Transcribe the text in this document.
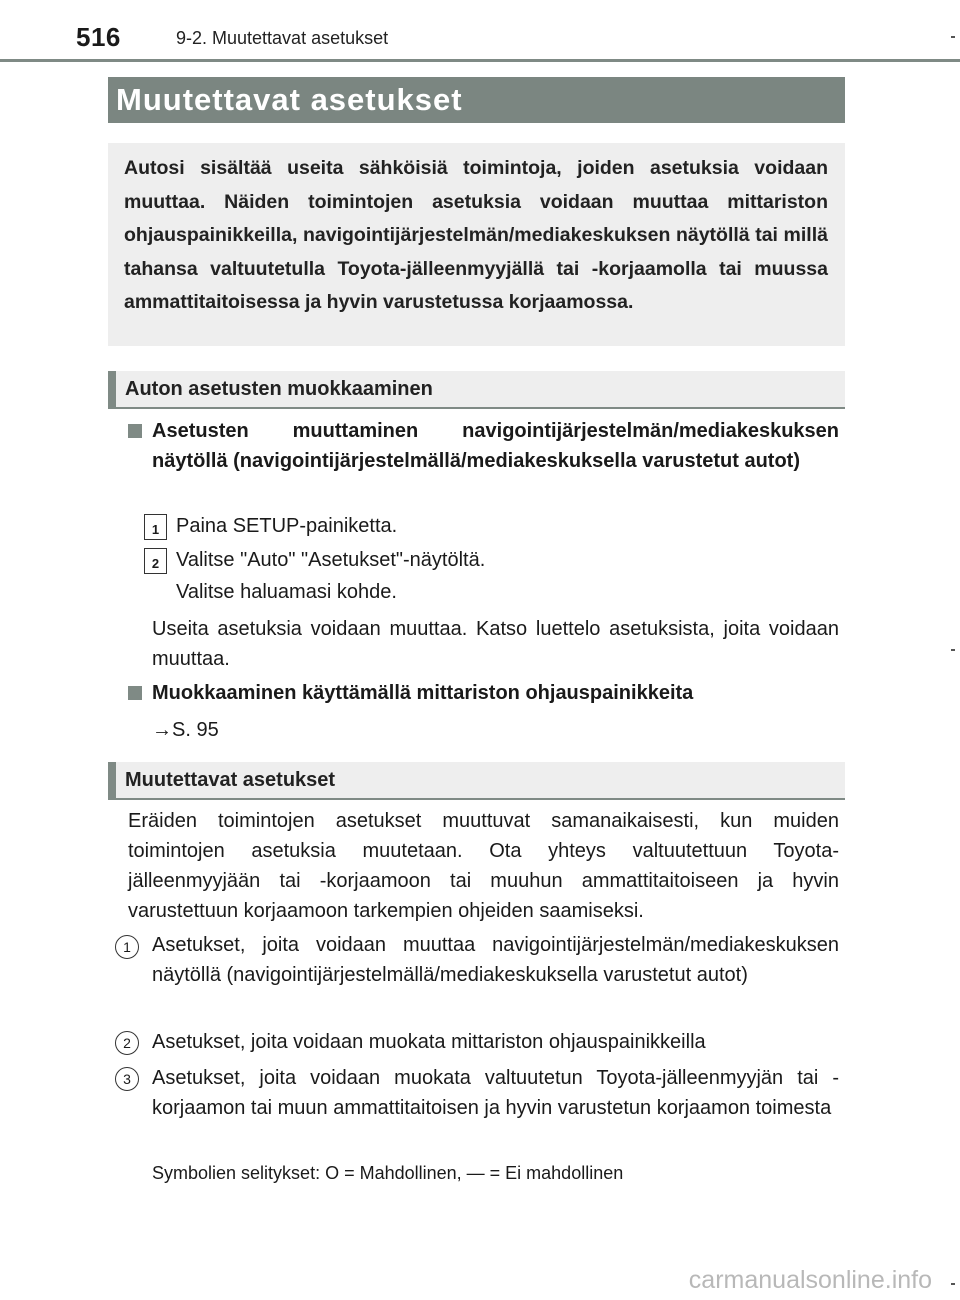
516	9-2. Muutettavat asetukset
Muutettavat asetukset
Autosi sisältää useita sähköisiä toimintoja, joiden asetuksia voidaan muuttaa. Näiden toimintojen asetuksia voidaan muuttaa mittariston ohjauspainikkeilla, navigointijärjestelmän/mediakeskuksen näytöllä tai millä tahansa valtuutetulla Toyota-jälleenmyyjällä tai -korjaamolla tai muussa ammattitaitoisessa ja hyvin varustetussa korjaamossa.
Auton asetusten muokkaaminen
Asetusten muuttaminen navigointijärjestelmän/mediakeskuksen näytöllä (navigointijärjestelmällä/mediakeskuksella varustetut autot)
1 Paina SETUP-painiketta.
2 Valitse "Auto" "Asetukset"-näytöltä.
Valitse haluamasi kohde.
Useita asetuksia voidaan muuttaa. Katso luettelo asetuksista, joita voidaan muuttaa.
Muokkaaminen käyttämällä mittariston ohjauspainikkeita
→S. 95
Muutettavat asetukset
Eräiden toimintojen asetukset muuttuvat samanaikaisesti, kun muiden toimintojen asetuksia muutetaan. Ota yhteys valtuutettuun Toyota-jälleenmyyjään tai -korjaamoon tai muuhun ammattitaitoiseen ja hyvin varustettuun korjaamoon tarkempien ohjeiden saamiseksi.
1	Asetukset, joita voidaan muuttaa navigointijärjestelmän/mediakeskuksen näytöllä (navigointijärjestelmällä/mediakeskuksella varustetut autot)
2	Asetukset, joita voidaan muokata mittariston ohjauspainikkeilla
3	Asetukset, joita voidaan muokata valtuutetun Toyota-jälleenmyyjän tai -korjaamon tai muun ammattitaitoisen ja hyvin varustetun korjaamon toimesta
Symbolien selitykset: O = Mahdollinen, — = Ei mahdollinen
carmanualsonline.info
